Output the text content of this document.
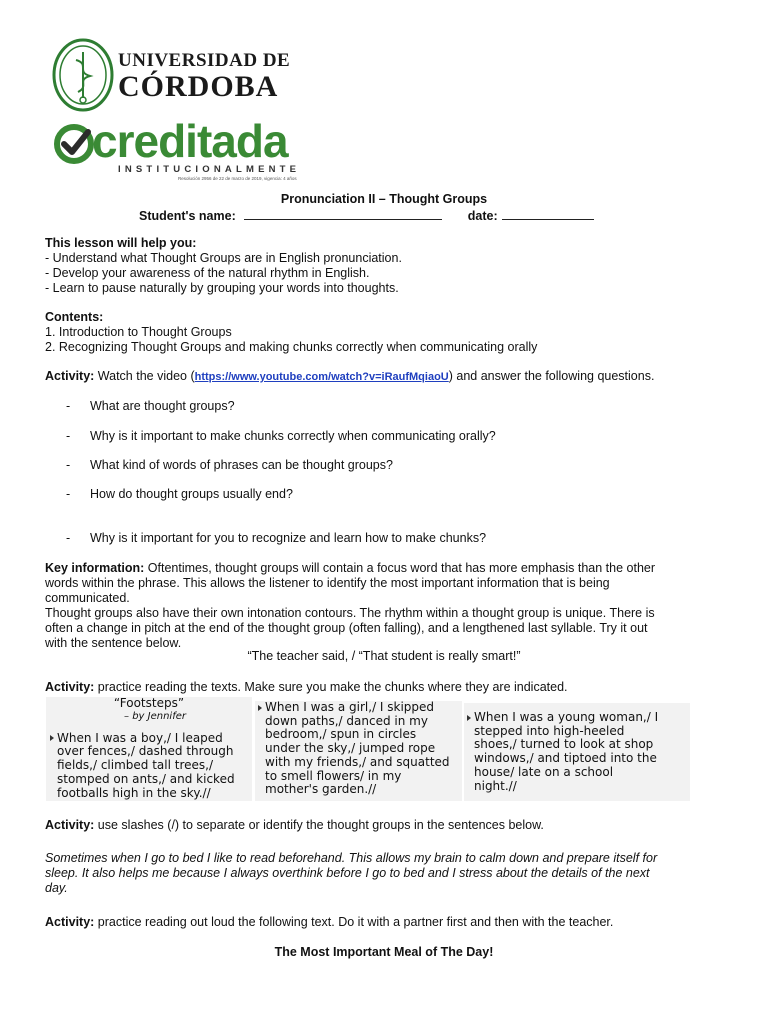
UNIVERSIDAD DE
CÓRDOBA
creditada
INSTITUCIONALMENTE
Resolución 2956 de 22 de marzo de 2019, vigencia: 4 años
Pronunciation II – Thought Groups
Student's name:	date:
This lesson will help you:
- Understand what Thought Groups are in English pronunciation.
- Develop your awareness of the natural rhythm in English.
- Learn to pause naturally by grouping your words into thoughts.
Contents:
1. Introduction to Thought Groups
2. Recognizing Thought Groups and making chunks correctly when communicating orally
Activity: Watch the video (https://www.youtube.com/watch?v=iRaufMqiaoU) and answer the following questions.
- What are thought groups?
- Why is it important to make chunks correctly when communicating orally?
- What kind of words of phrases can be thought groups?
- How do thought groups usually end?
- Why is it important for you to recognize and learn how to make chunks?
Key information: Oftentimes, thought groups will contain a focus word that has more emphasis than the other
words within the phrase. This allows the listener to identify the most important information that is being
communicated.
Thought groups also have their own intonation contours. The rhythm within a thought group is unique. There is
often a change in pitch at the end of the thought group (often falling), and a lengthened last syllable. Try it out
with the sentence below.
“The teacher said, / “That student is really smart!”
Activity: practice reading the texts. Make sure you make the chunks where they are indicated.
“Footsteps”
– by Jennifer
When I was a boy,/ I leaped
over fences,/ dashed through
fields,/ climbed tall trees,/
stomped on ants,/ and kicked
footballs high in the sky.//
When I was a girl,/ I skipped
down paths,/ danced in my
bedroom,/ spun in circles
under the sky,/ jumped rope
with my friends,/ and squatted
to smell flowers/ in my
mother's garden.//
When I was a young woman,/ I
stepped into high-heeled
shoes,/ turned to look at shop
windows,/ and tiptoed into the
house/ late on a school
night.//
Activity: use slashes (/) to separate or identify the thought groups in the sentences below.
Sometimes when I go to bed I like to read beforehand. This allows my brain to calm down and prepare itself for
sleep. It also helps me because I always overthink before I go to bed and I stress about the details of the next
day.
Activity: practice reading out loud the following text. Do it with a partner first and then with the teacher.
The Most Important Meal of The Day!
